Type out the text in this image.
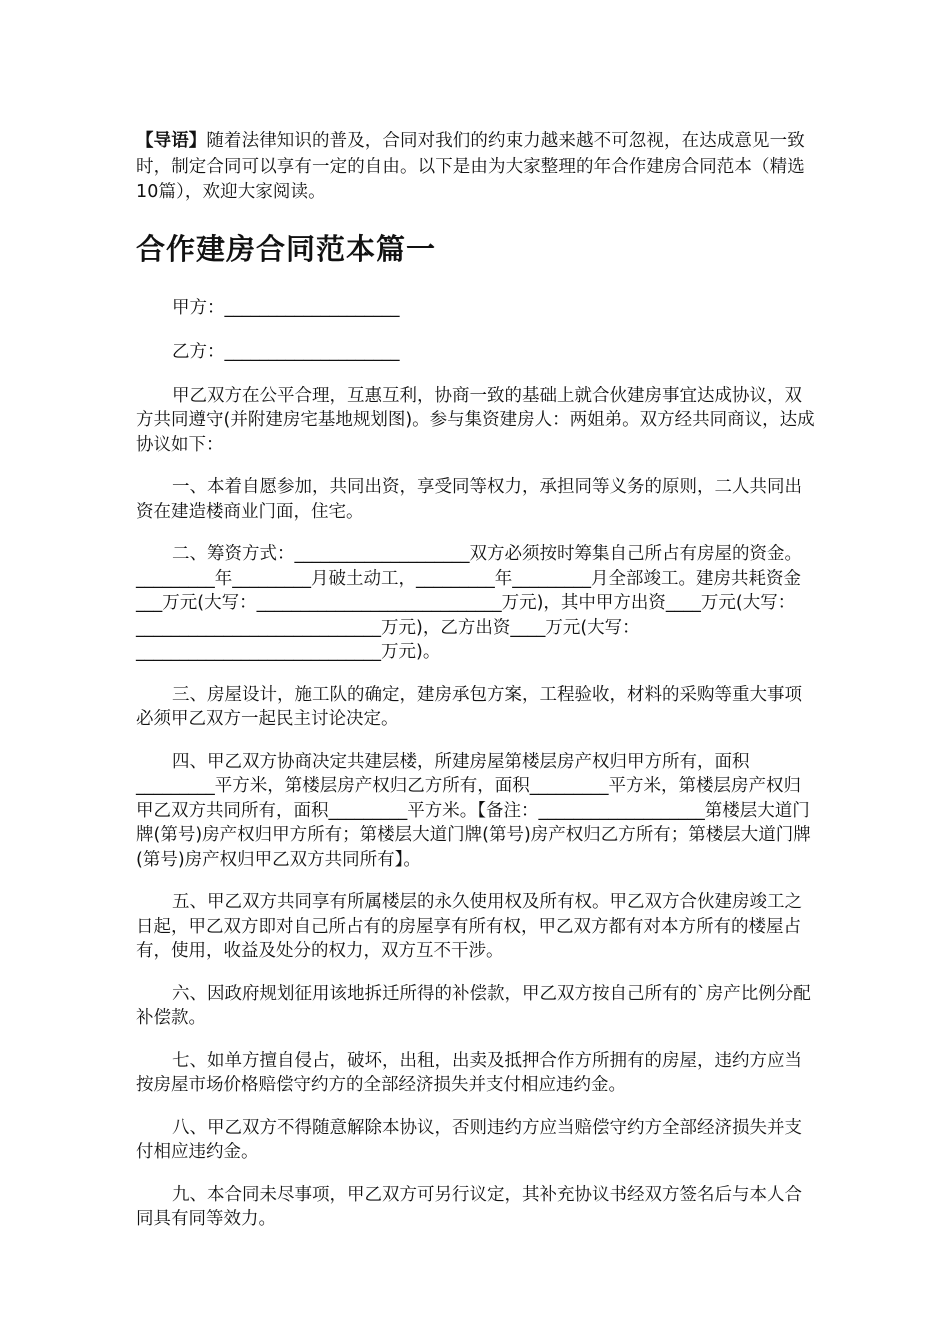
【导语】随着法律知识的普及，合同对我们的约束力越来越不可忽视，在达成意见一致时，制定合同可以享有一定的自由。以下是由为大家整理的年合作建房合同范本（精选10篇），欢迎大家阅读。

合作建房合同范本篇一

甲方：____________________

乙方：____________________

甲乙双方在公平合理，互惠互利，协商一致的基础上就合伙建房事宜达成协议，双方共同遵守(并附建房宅基地规划图)。参与集资建房人：两姐弟。双方经共同商议，达成协议如下：

一、本着自愿参加，共同出资，享受同等权力，承担同等义务的原则，二人共同出资在建造楼商业门面，住宅。

二、筹资方式：____________________双方必须按时筹集自己所占有房屋的资金。_________年_________月破土动工，_________年_________月全部竣工。建房共耗资金___万元(大写：____________________________万元)，其中甲方出资____万元(大写：____________________________万元)，乙方出资____万元(大写：____________________________万元)。

三、房屋设计，施工队的确定，建房承包方案，工程验收，材料的采购等重大事项必须甲乙双方一起民主讨论决定。

四、甲乙双方协商决定共建层楼，所建房屋第楼层房产权归甲方所有，面积_________平方米，第楼层房产权归乙方所有，面积_________平方米，第楼层房产权归甲乙双方共同所有，面积_________平方米。【备注：___________________第楼层大道门牌(第号)房产权归甲方所有；第楼层大道门牌(第号)房产权归乙方所有；第楼层大道门牌(第号)房产权归甲乙双方共同所有】。

五、甲乙双方共同享有所属楼层的永久使用权及所有权。甲乙双方合伙建房竣工之日起，甲乙双方即对自己所占有的房屋享有所有权，甲乙双方都有对本方所有的楼屋占有，使用，收益及处分的权力，双方互不干涉。

六、因政府规划征用该地拆迁所得的补偿款，甲乙双方按自己所有的`房产比例分配补偿款。

七、如单方擅自侵占，破坏，出租，出卖及抵押合作方所拥有的房屋，违约方应当按房屋市场价格赔偿守约方的全部经济损失并支付相应违约金。

八、甲乙双方不得随意解除本协议，否则违约方应当赔偿守约方全部经济损失并支付相应违约金。

九、本合同未尽事项，甲乙双方可另行议定，其补充协议书经双方签名后与本人合同具有同等效力。
